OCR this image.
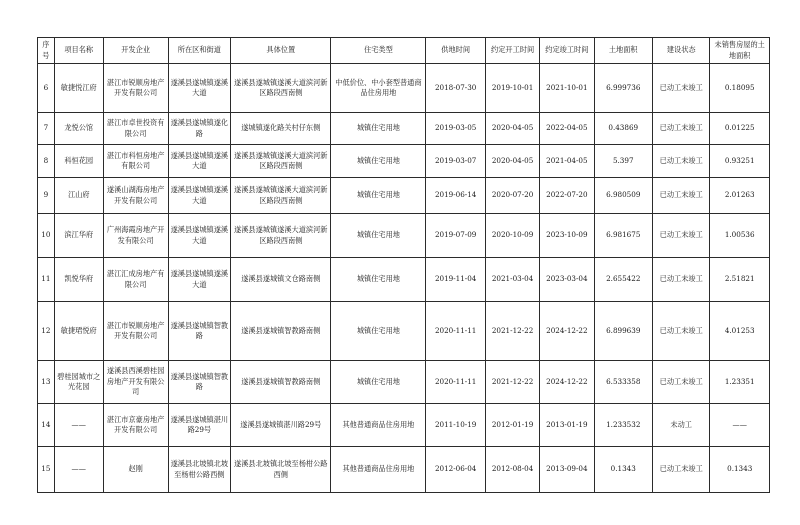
序号	项目名称	开发企业	所在区和街道	具体位置	住宅类型	供地时间	约定开工时间	约定竣工时间	土地面积	建设状态	未销售房屋的土地面积
6	敏捷悦江府	湛江市锐顺房地产开发有限公司	遂溪县遂城镇遂溪大道	遂溪县遂城镇遂溪大道滨河新区路段西南侧	中低价位、中小套型普通商品住房用地	2018-07-30	2019-10-01	2021-10-01	6.999736	已动工未竣工	0.18095
7	龙悦公馆	湛江市卓世投资有限公司	遂溪县遂城镇遂化路	遂城镇遂化路关村仔东侧	城镇住宅用地	2019-03-05	2020-04-05	2022-04-05	0.43869	已动工未竣工	0.01225
8	科恒花园	湛江市科恒房地产有限公司	遂溪县遂城镇遂溪大道	遂溪县遂城镇遂溪大道滨河新区路段西南侧	城镇住宅用地	2019-03-07	2020-04-05	2021-04-05	5.397	已动工未竣工	0.93251
9	江山府	遂溪山湖海房地产开发有限公司	遂溪县遂城镇遂溪大道	遂溪县遂城镇遂溪大道滨河新区路段西南侧	城镇住宅用地	2019-06-14	2020-07-20	2022-07-20	6.980509	已动工未竣工	2.01263
10	滨江华府	广州海霞房地产开发有限公司	遂溪县遂城镇遂溪大道	遂溪县遂城镇遂溪大道滨河新区路段西南侧	城镇住宅用地	2019-07-09	2020-10-09	2023-10-09	6.981675	已动工未竣工	1.00536
11	凯悦华府	湛江汇成房地产有限公司	遂溪县遂城镇遂溪大道	遂溪县遂城镇文仓路南侧	城镇住宅用地	2019-11-04	2021-03-04	2023-03-04	2.655422	已动工未竣工	2.51821
12	敏捷珺悦府	湛江市锐顺房地产开发有限公司	遂溪县遂城镇智教路	遂溪县遂城镇智教路南侧	城镇住宅用地	2020-11-11	2021-12-22	2024-12-22	6.899639	已动工未竣工	4.01253
13	碧桂园城市之光花园	遂溪县西溪碧桂园房地产开发有限公司	遂溪县遂城镇智教路	遂溪县遂城镇智教路南侧	城镇住宅用地	2020-11-11	2021-12-22	2024-12-22	6.533358	已动工未竣工	1.23351
14	——	湛江市京豪房地产开发有限公司	遂溪县遂城镇湛川路29号	遂溪县遂城镇湛川路29号	其他普通商品住房用地	2011-10-19	2012-01-19	2013-01-19	1.233532	未动工	——
15	——	赵刚	遂溪县北坡镇北坡至杨柑公路西侧	遂溪县北坡镇北坡至杨柑公路西侧	其他普通商品住房用地	2012-06-04	2012-08-04	2013-09-04	0.1343	已动工未竣工	0.1343
